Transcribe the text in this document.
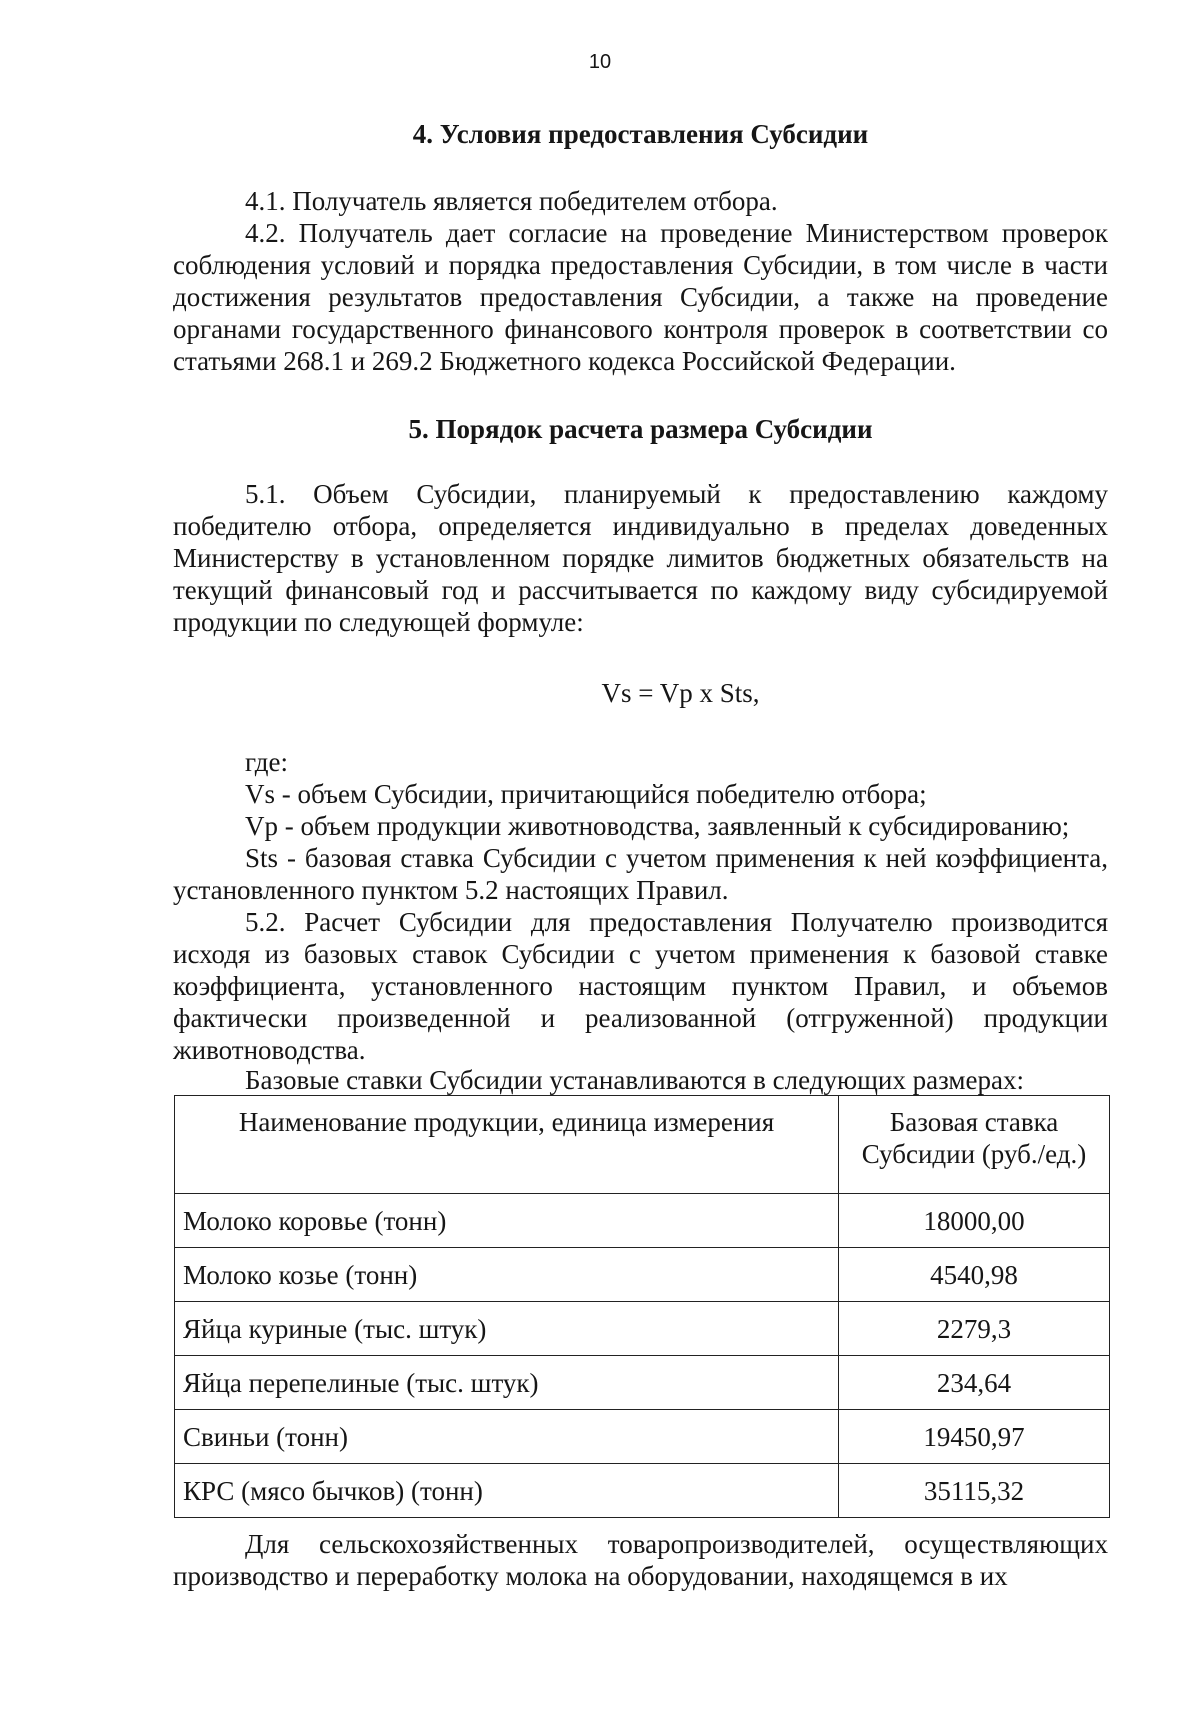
10
4. Условия предоставления Субсидии

4.1. Получатель является победителем отбора.

4.2. Получатель дает согласие на проведение Министерством проверок соблюдения условий и порядка предоставления Субсидии, в том числе в части достижения результатов предоставления Субсидии, а также на проведение органами государственного финансового контроля проверок в соответствии со статьями 268.1 и 269.2 Бюджетного кодекса Российской Федерации.

5. Порядок расчета размера Субсидии

5.1. Объем Субсидии, планируемый к предоставлению каждому победителю отбора, определяется индивидуально в пределах доведенных Министерству в установленном порядке лимитов бюджетных обязательств на текущий финансовый год и рассчитывается по каждому виду субсидируемой продукции по следующей формуле:

Vs = Vp x Sts,

где:

Vs - объем Субсидии, причитающийся победителю отбора;

Vp - объем продукции животноводства, заявленный к субсидированию;

Sts - базовая ставка Субсидии с учетом применения к ней коэффициента, установленного пунктом 5.2 настоящих Правил.

5.2. Расчет Субсидии для предоставления Получателю производится исходя из базовых ставок Субсидии с учетом применения к базовой ставке коэффициента, установленного настоящим пунктом Правил, и объемов фактически произведенной и реализованной (отгруженной) продукции животноводства.

Базовые ставки Субсидии устанавливаются в следующих размерах:

Наименование продукции, единица измерения	Базовая ставка Субсидии (руб./ед.)
Молоко коровье (тонн)	18000,00
Молоко козье (тонн)	4540,98
Яйца куриные (тыс. штук)	2279,3
Яйца перепелиные (тыс. штук)	234,64
Свиньи (тонн)	19450,97
КРС (мясо бычков) (тонн)	35115,32

Для сельскохозяйственных товаропроизводителей, осуществляющих производство и переработку молока на оборудовании, находящемся в их
